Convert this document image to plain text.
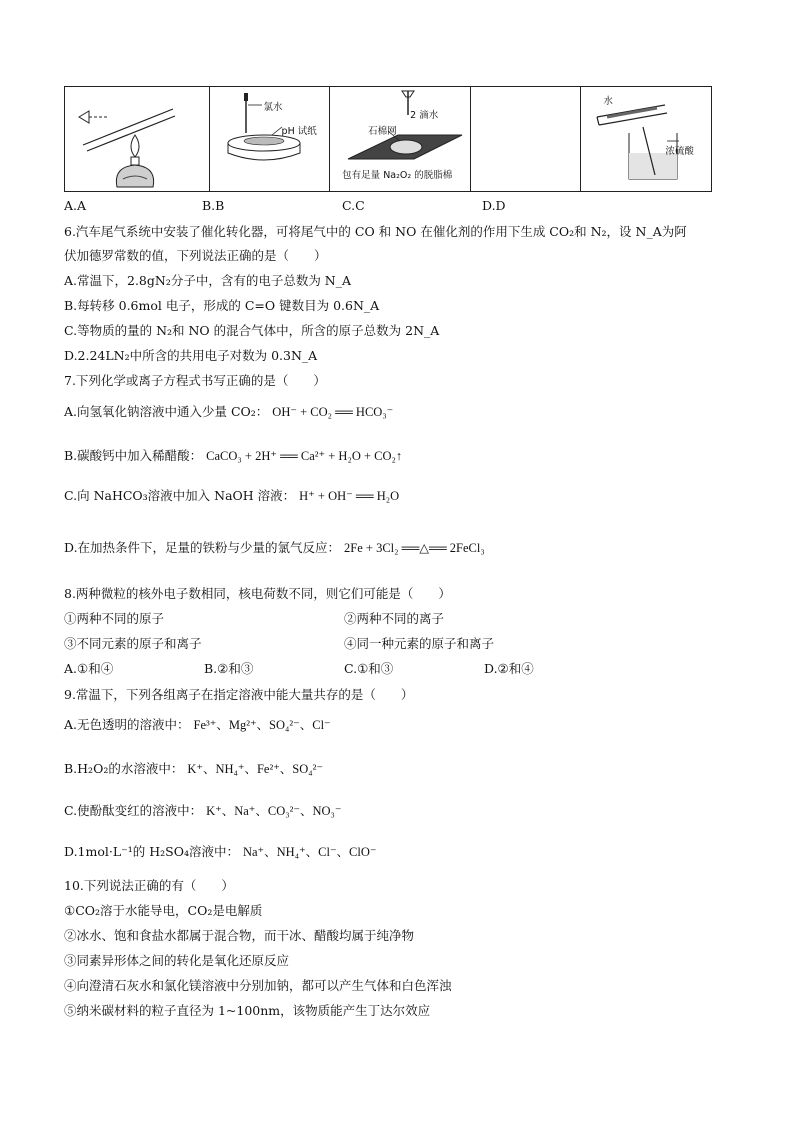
氯水
pH 试纸
2 滴水
石棉网
包有足量 Na₂O₂ 的脱脂棉
水
浓硫酸
A.A	B.B	C.C	D.D
6.汽车尾气系统中安装了催化转化器，可将尾气中的 CO 和 NO 在催化剂的作用下生成 CO₂和 N₂，设 N_A为阿
伏加德罗常数的值，下列说法正确的是（　　）
A.常温下，2.8gN₂分子中，含有的电子总数为 N_A
B.每转移 0.6mol 电子，形成的 C=O 键数目为 0.6N_A
C.等物质的量的 N₂和 NO 的混合气体中，所含的原子总数为 2N_A
D.2.24LN₂中所含的共用电子对数为 0.3N_A
7.下列化学或离子方程式书写正确的是（　　）
A.向氢氧化钠溶液中通入少量 CO₂： OH⁻ + CO₂ ══ HCO₃⁻
B.碳酸钙中加入稀醋酸： CaCO₃ + 2H⁺ ══ Ca²⁺ + H₂O + CO₂↑
C.向 NaHCO₃溶液中加入 NaOH 溶液： H⁺ + OH⁻ ══ H₂O
D.在加热条件下，足量的铁粉与少量的氯气反应： 2Fe + 3Cl₂ ══△══ 2FeCl₃
8.两种微粒的核外电子数相同，核电荷数不同，则它们可能是（　　）
①两种不同的原子	②两种不同的离子
③不同元素的原子和离子	④同一种元素的原子和离子
A.①和④	B.②和③	C.①和③	D.②和④
9.常温下，下列各组离子在指定溶液中能大量共存的是（　　）
A.无色透明的溶液中： Fe³⁺、Mg²⁺、SO₄²⁻、Cl⁻
B.H₂O₂的水溶液中： K⁺、NH₄⁺、Fe²⁺、SO₄²⁻
C.使酚酞变红的溶液中： K⁺、Na⁺、CO₃²⁻、NO₃⁻
D.1mol·L⁻¹的 H₂SO₄溶液中： Na⁺、NH₄⁺、Cl⁻、ClO⁻
10.下列说法正确的有（　　）
①CO₂溶于水能导电，CO₂是电解质
②冰水、饱和食盐水都属于混合物，而干冰、醋酸均属于纯净物
③同素异形体之间的转化是氧化还原反应
④向澄清石灰水和氯化镁溶液中分别加钠，都可以产生气体和白色浑浊
⑤纳米碳材料的粒子直径为 1~100nm，该物质能产生丁达尔效应
